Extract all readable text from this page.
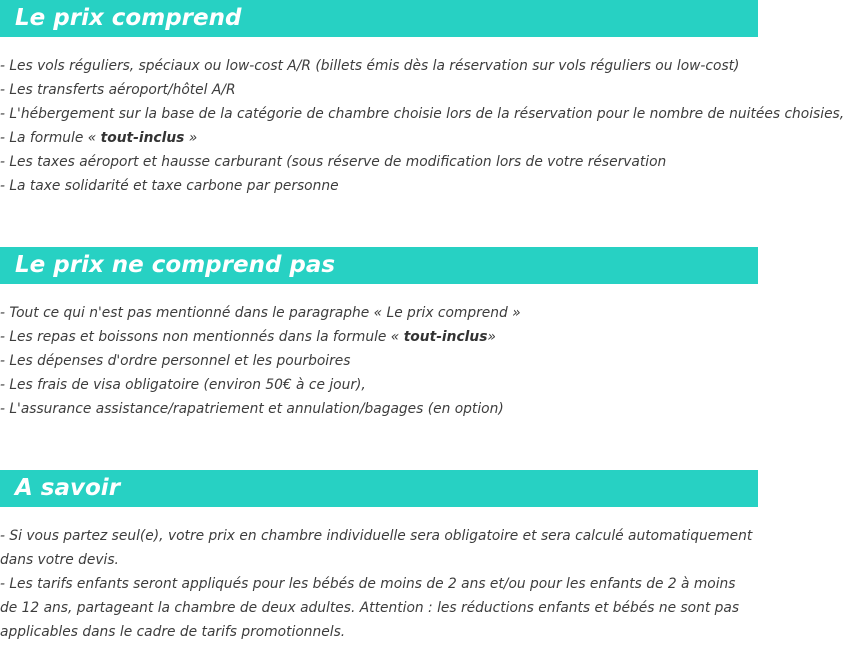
Le prix comprend
- Les vols réguliers, spéciaux ou low-cost A/R (billets émis dès la réservation sur vols réguliers ou low-cost)
- Les transferts aéroport/hôtel A/R
- L'hébergement sur la base de la catégorie de chambre choisie lors de la réservation pour le nombre de nuitées choisies,
- La formule « tout-inclus »
- Les taxes aéroport et hausse carburant (sous réserve de modification lors de votre réservation
- La taxe solidarité et taxe carbone par personne
Le prix ne comprend pas
- Tout ce qui n'est pas mentionné dans le paragraphe « Le prix comprend »
- Les repas et boissons non mentionnés dans la formule « tout-inclus»
- Les dépenses d'ordre personnel et les pourboires
- Les frais de visa obligatoire (environ 50€ à ce jour),
- L'assurance assistance/rapatriement et annulation/bagages (en option)
A savoir
- Si vous partez seul(e), votre prix en chambre individuelle sera obligatoire et sera calculé automatiquement dans votre devis.
- Les tarifs enfants seront appliqués pour les bébés de moins de 2 ans et/ou pour les enfants de 2 à moins de 12 ans, partageant la chambre de deux adultes. Attention : les réductions enfants et bébés ne sont pas applicables dans le cadre de tarifs promotionnels.
